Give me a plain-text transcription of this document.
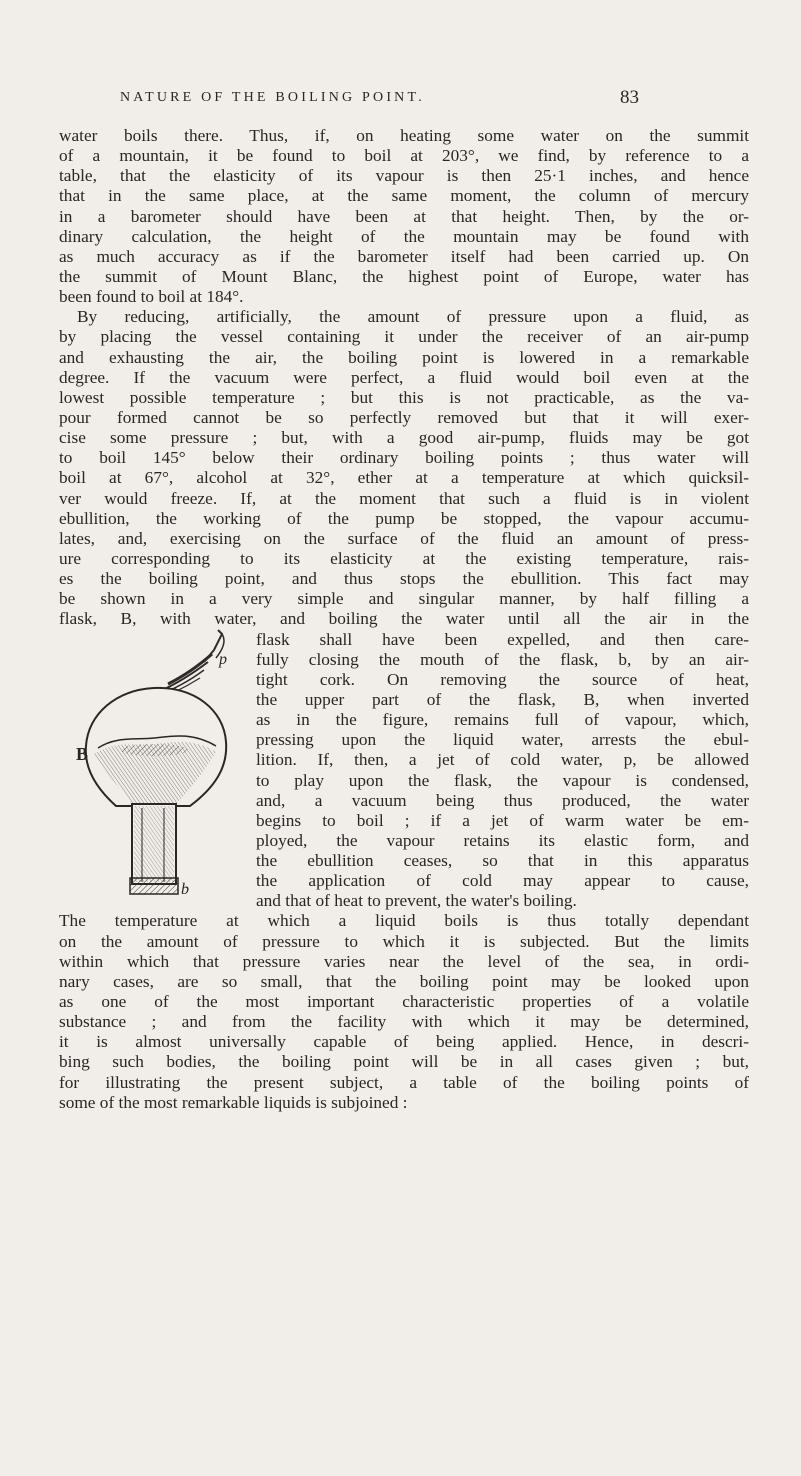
NATURE OF THE BOILING POINT.	83
water boils there. Thus, if, on heating some water on the summit
of a mountain, it be found to boil at 203°, we find, by reference to a
table, that the elasticity of its vapour is then 25·1 inches, and hence
that in the same place, at the same moment, the column of mercury
in a barometer should have been at that height. Then, by the or-
dinary calculation, the height of the mountain may be found with
as much accuracy as if the barometer itself had been carried up. On
the summit of Mount Blanc, the highest point of Europe, water has
been found to boil at 184°.
By reducing, artificially, the amount of pressure upon a fluid, as
by placing the vessel containing it under the receiver of an air-pump
and exhausting the air, the boiling point is lowered in a remarkable
degree. If the vacuum were perfect, a fluid would boil even at the
lowest possible temperature ; but this is not practicable, as the va-
pour formed cannot be so perfectly removed but that it will exer-
cise some pressure ; but, with a good air-pump, fluids may be got
to boil 145° below their ordinary boiling points ; thus water will
boil at 67°, alcohol at 32°, ether at a temperature at which quicksil-
ver would freeze. If, at the moment that such a fluid is in violent
ebullition, the working of the pump be stopped, the vapour accumu-
lates, and, exercising on the surface of the fluid an amount of press-
ure corresponding to its elasticity at the existing temperature, rais-
es the boiling point, and thus stops the ebullition. This fact may
be shown in a very simple and singular manner, by half filling a
flask, B, with water, and boiling the water until all the air in the
flask shall have been expelled, and then care-
fully closing the mouth of the flask, b, by an air-
tight cork. On removing the source of heat,
the upper part of the flask, B, when inverted
as in the figure, remains full of vapour, which,
pressing upon the liquid water, arrests the ebul-
lition. If, then, a jet of cold water, p, be allowed
to play upon the flask, the vapour is condensed,
and, a vacuum being thus produced, the water
begins to boil ; if a jet of warm water be em-
ployed, the vapour retains its elastic form, and
the ebullition ceases, so that in this apparatus
the application of cold may appear to cause,
and that of heat to prevent, the water's boiling.
The temperature at which a liquid boils is thus totally dependant
on the amount of pressure to which it is subjected. But the limits
within which that pressure varies near the level of the sea, in ordi-
nary cases, are so small, that the boiling point may be looked upon
as one of the most important characteristic properties of a volatile
substance ; and from the facility with which it may be determined,
it is almost universally capable of being applied. Hence, in descri-
bing such bodies, the boiling point will be in all cases given ; but,
for illustrating the present subject, a table of the boiling points of
some of the most remarkable liquids is subjoined :
B
p
b
